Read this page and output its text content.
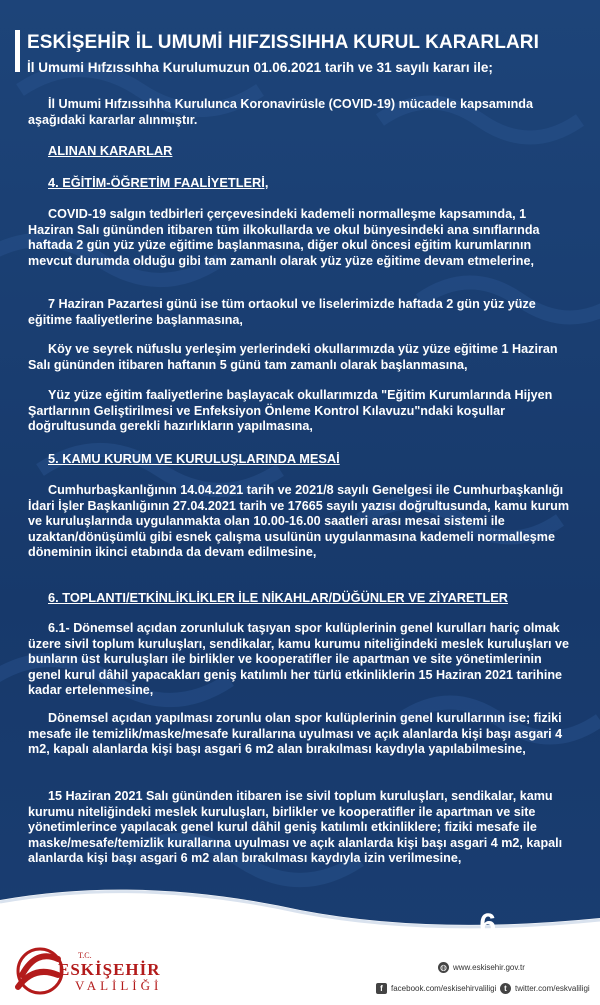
ESKİŞEHİR İL UMUMİ HIFZISSIHHA KURUL KARARLARI
İl Umumi Hıfzıssıhha Kurulumuzun 01.06.2021 tarih ve 31 sayılı kararı ile;
İl Umumi Hıfzıssıhha Kurulunca Koronavirüsle (COVID-19) mücadele kapsamında aşağıdaki kararlar alınmıştır.
ALINAN KARARLAR
4. EĞİTİM-ÖĞRETİM FAALİYETLERİ,
COVID-19 salgın tedbirleri çerçevesindeki kademeli normalleşme kapsamında, 1 Haziran Salı gününden itibaren tüm ilkokullarda ve okul bünyesindeki ana sınıflarında haftada 2 gün yüz yüze eğitime başlanmasına, diğer okul öncesi eğitim kurumlarının mevcut durumda olduğu gibi tam zamanlı olarak yüz yüze eğitime devam etmelerine,
7 Haziran Pazartesi günü ise tüm ortaokul ve liselerimizde haftada 2 gün yüz yüze eğitime faaliyetlerine başlanmasına,
Köy ve seyrek nüfuslu yerleşim yerlerindeki okullarımızda yüz yüze eğitime 1 Haziran Salı gününden itibaren haftanın 5 günü tam zamanlı olarak başlanmasına,
Yüz yüze eğitim faaliyetlerine başlayacak okullarımızda "Eğitim Kurumlarında Hijyen Şartlarının Geliştirilmesi ve Enfeksiyon Önleme Kontrol Kılavuzu"ndaki koşullar doğrultusunda gerekli hazırlıkların yapılmasına,
5. KAMU KURUM VE KURULUŞLARINDA MESAİ
Cumhurbaşkanlığının 14.04.2021 tarih ve 2021/8 sayılı Genelgesi ile Cumhurbaşkanlığı İdari İşler Başkanlığının 27.04.2021 tarih ve 17665 sayılı yazısı doğrultusunda, kamu kurum ve kuruluşlarında uygulanmakta olan 10.00-16.00 saatleri arası mesai sistemi ile uzaktan/dönüşümlü gibi esnek çalışma usulünün uygulanmasına kademeli normalleşme döneminin ikinci etabında da devam edilmesine,
6. TOPLANTI/ETKİNLİKLİKLER İLE NİKAHLAR/DÜĞÜNLER VE ZİYARETLER
6.1- Dönemsel açıdan zorunluluk taşıyan spor kulüplerinin genel kurulları hariç olmak üzere sivil toplum kuruluşları, sendikalar, kamu kurumu niteliğindeki meslek kuruluşları ve bunların üst kuruluşları ile birlikler ve kooperatifler ile apartman ve site yönetimlerinin genel kurul dâhil yapacakları geniş katılımlı her türlü etkinliklerin 15 Haziran 2021 tarihine kadar ertelenmesine,
Dönemsel açıdan yapılması zorunlu olan spor kulüplerinin genel kurullarının ise; fiziki mesafe ile temizlik/maske/mesafe kurallarına uyulması ve açık alanlarda kişi başı asgari 4 m2, kapalı alanlarda kişi başı asgari 6 m2 alan bırakılması kaydıyla yapılabilmesine,
15 Haziran 2021 Salı gününden itibaren ise sivil toplum kuruluşları, sendikalar, kamu kurumu niteliğindeki meslek kuruluşları, birlikler ve kooperatifler ile apartman ve site yönetimlerince yapılacak genel kurul dâhil geniş katılımlı etkinliklere; fiziki mesafe ile maske/mesafe/temizlik kurallarına uyulması ve açık alanlarda kişi başı asgari 4 m2, kapalı alanlarda kişi başı asgari 6 m2 alan bırakılması kaydıyla izin verilmesine,
6
T.C.
ESKİŞEHİR
VALİLİĞİ
◍ www.eskisehir.gov.tr
f	facebook.com/eskisehirvaliligi t	twitter.com/eskvaliligi
